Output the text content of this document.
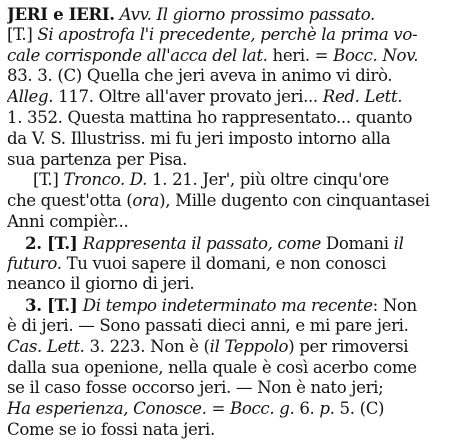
JERI e IERI. Avv. Il giorno prossimo passato.
[T.] Si apostrofa l'i precedente, perchè la prima vo-
cale corrisponde all'acca del lat. heri. = Bocc. Nov.
83. 3. (C) Quella che jeri aveva in animo vi dirò.
Alleg. 117. Oltre all'aver provato jeri... Red. Lett.
1. 352. Questa mattina ho rappresentato... quanto
da V. S. Illustriss. mi fu jeri imposto intorno alla
sua partenza per Pisa.
[T.] Tronco. D. 1. 21. Jer', più oltre cinqu'ore
che quest'otta (ora), Mille dugento con cinquantasei
Anni compièr...
2. [T.] Rappresenta il passato, come Domani il
futuro. Tu vuoi sapere il domani, e non conosci
neanco il giorno di jeri.
3. [T.] Di tempo indeterminato ma recente: Non
è di jeri. — Sono passati dieci anni, e mi pare jeri.
Cas. Lett. 3. 223. Non è (il Teppolo) per rimoversi
dalla sua openione, nella quale è così acerbo come
se il caso fosse occorso jeri. — Non è nato jeri;
Ha esperienza, Conosce. = Bocc. g. 6. p. 5. (C)
Come se io fossi nata jeri.
